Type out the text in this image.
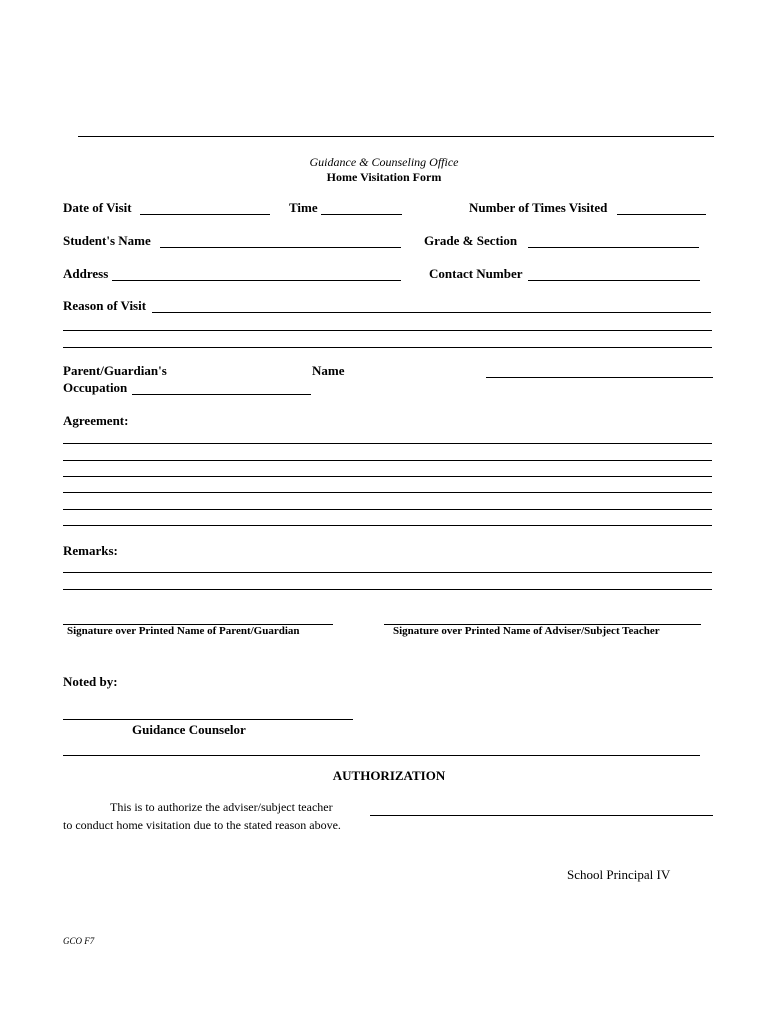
Guidance & Counseling Office
Home Visitation Form
Date of Visit	Time	Number of Times Visited
Student's Name	Grade & Section
Address	Contact Number
Reason of Visit
Parent/Guardian's	Name
Occupation
Agreement:
Remarks:
Signature over Printed Name of Parent/Guardian	Signature over Printed Name of Adviser/Subject Teacher
Noted by:
Guidance Counselor
AUTHORIZATION
This is to authorize the adviser/subject teacher
to conduct home visitation due to the stated reason above.
School Principal IV
GCO F7
